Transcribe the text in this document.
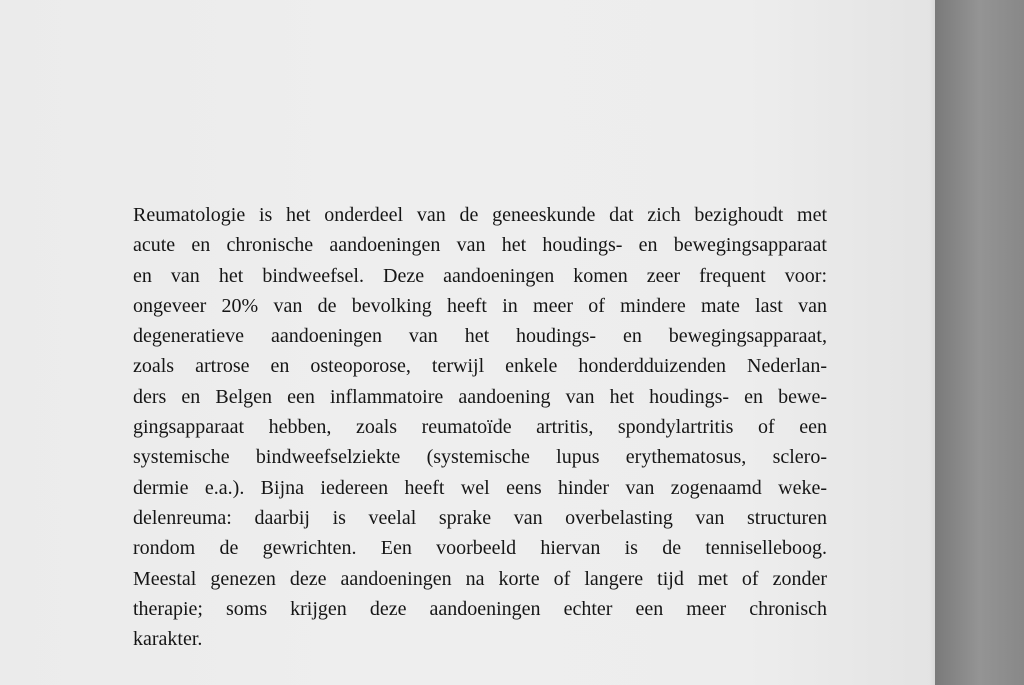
Reumatologie is het onderdeel van de geneeskunde dat zich bezighoudt met
acute en chronische aandoeningen van het houdings- en bewegingsapparaat
en van het bindweefsel. Deze aandoeningen komen zeer frequent voor:
ongeveer 20% van de bevolking heeft in meer of mindere mate last van
degeneratieve aandoeningen van het houdings- en bewegingsapparaat,
zoals artrose en osteoporose, terwijl enkele honderdduizenden Nederlan-
ders en Belgen een inflammatoire aandoening van het houdings- en bewe-
gingsapparaat hebben, zoals reumatoïde artritis, spondylartritis of een
systemische bindweefselziekte (systemische lupus erythematosus, sclero-
dermie e.a.). Bijna iedereen heeft wel eens hinder van zogenaamd weke-
delenreuma: daarbij is veelal sprake van overbelasting van structuren
rondom de gewrichten. Een voorbeeld hiervan is de tenniselleboog.
Meestal genezen deze aandoeningen na korte of langere tijd met of zonder
therapie; soms krijgen deze aandoeningen echter een meer chronisch
karakter.
